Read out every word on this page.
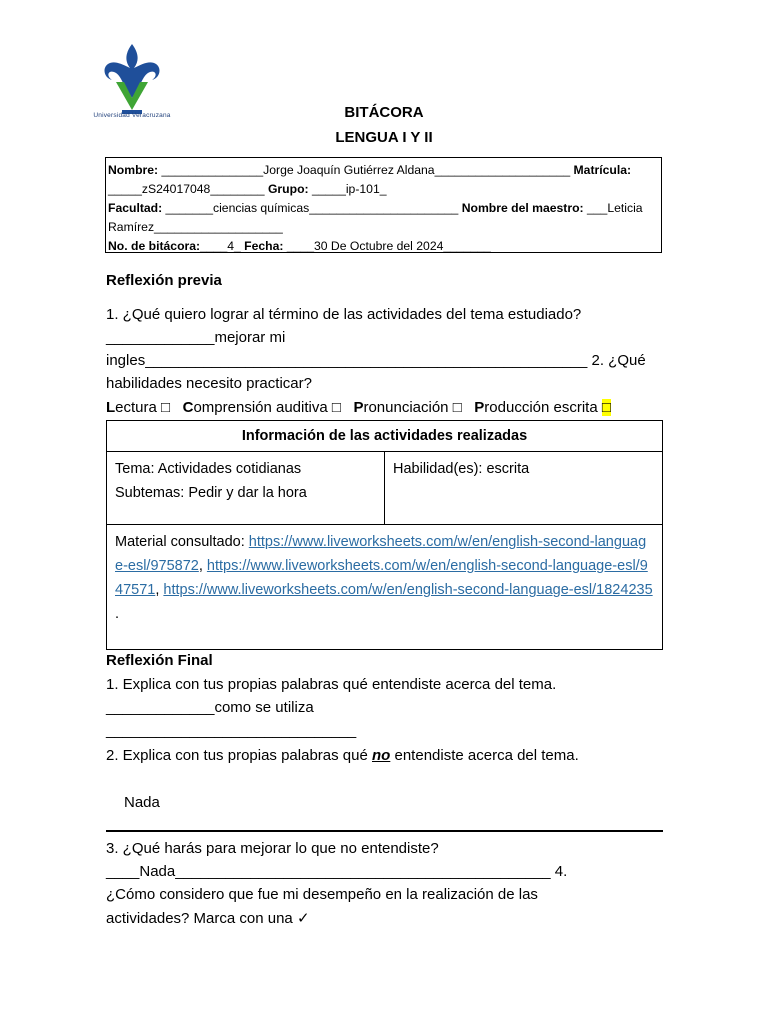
Universidad Veracruzana	BITÁCORA
LENGUA I Y II
Nombre: _______________Jorge Joaquín Gutiérrez Aldana____________________ Matrícula: _____zS24017048________ Grupo: _____ip-101_
Facultad: _______ciencias químicas______________________ Nombre del maestro: ___Leticia Ramírez___________________
No. de bitácora:____4_ Fecha: ____30 De Octubre del 2024_______
Reflexión previa
1. ¿Qué quiero lograr al término de las actividades del tema estudiado?
_____________mejorar mi
ingles_____________________________________________________ 2. ¿Qué
habilidades necesito practicar?
Lectura □ Comprensión auditiva □ Pronunciación □ Producción escrita □
Información de las actividades realizadas
Tema: Actividades cotidianas
Subtemas: Pedir y dar la hora
Habilidad(es): escrita
Material consultado: https://www.liveworksheets.com/w/en/english-second-language-esl/975872, https://www.liveworksheets.com/w/en/english-second-language-esl/947571, https://www.liveworksheets.com/w/en/english-second-language-esl/1824235 .
Reflexión Final
1. Explica con tus propias palabras qué entendiste acerca del tema.
_____________como se utiliza
______________________________
2. Explica con tus propias palabras qué no entendiste acerca del tema.
Nada
3. ¿Qué harás para mejorar lo que no entendiste?
____Nada_____________________________________________ 4.
¿Cómo considero que fue mi desempeño en la realización de las
actividades? Marca con una ✓
